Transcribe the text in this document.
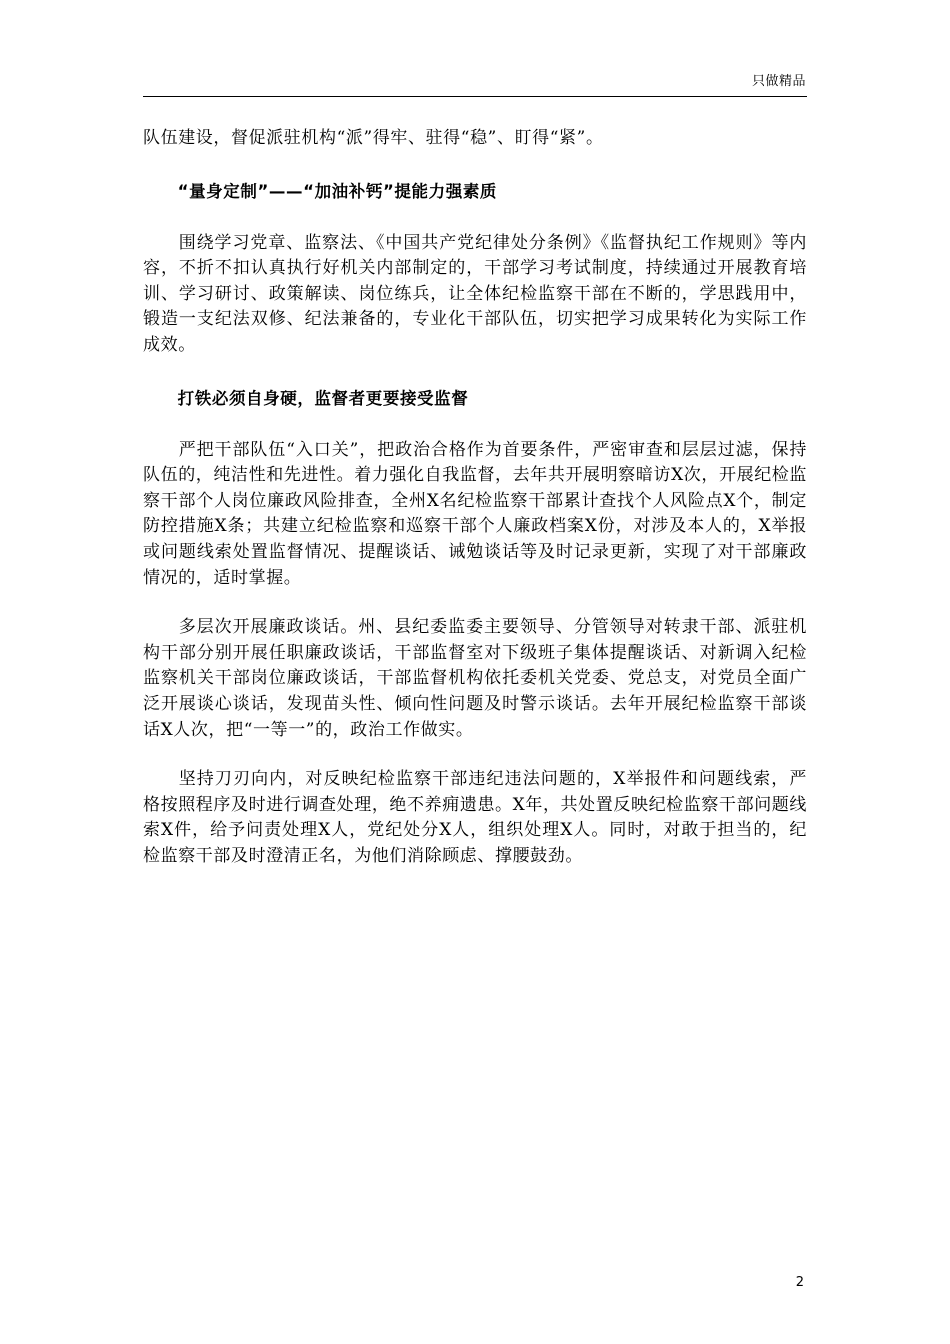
只做精品

队伍建设，督促派驻机构“派”得牢、驻得“稳”、盯得“紧”。

“量身定制”——“加油补钙”提能力强素质

围绕学习党章、监察法、《中国共产党纪律处分条例》《监督执纪工作规则》等内容，不折不扣认真执行好机关内部制定的，干部学习考试制度，持续通过开展教育培训、学习研讨、政策解读、岗位练兵，让全体纪检监察干部在不断的，学思践用中，锻造一支纪法双修、纪法兼备的，专业化干部队伍，切实把学习成果转化为实际工作成效。

打铁必须自身硬，监督者更要接受监督

严把干部队伍“入口关”，把政治合格作为首要条件，严密审查和层层过滤，保持队伍的，纯洁性和先进性。着力强化自我监督，去年共开展明察暗访X次，开展纪检监察干部个人岗位廉政风险排查，全州X名纪检监察干部累计查找个人风险点X个，制定防控措施X条；共建立纪检监察和巡察干部个人廉政档案X份，对涉及本人的，X举报或问题线索处置监督情况、提醒谈话、诫勉谈话等及时记录更新，实现了对干部廉政情况的，适时掌握。

多层次开展廉政谈话。州、县纪委监委主要领导、分管领导对转隶干部、派驻机构干部分别开展任职廉政谈话，干部监督室对下级班子集体提醒谈话、对新调入纪检监察机关干部岗位廉政谈话，干部监督机构依托委机关党委、党总支，对党员全面广泛开展谈心谈话，发现苗头性、倾向性问题及时警示谈话。去年开展纪检监察干部谈话X人次，把“一等一”的，政治工作做实。

坚持刀刃向内，对反映纪检监察干部违纪违法问题的，X举报件和问题线索，严格按照程序及时进行调查处理，绝不养痈遗患。X年，共处置反映纪检监察干部问题线索X件，给予问责处理X人，党纪处分X人，组织处理X人。同时，对敢于担当的，纪检监察干部及时澄清正名，为他们消除顾虑、撑腰鼓劲。

2
